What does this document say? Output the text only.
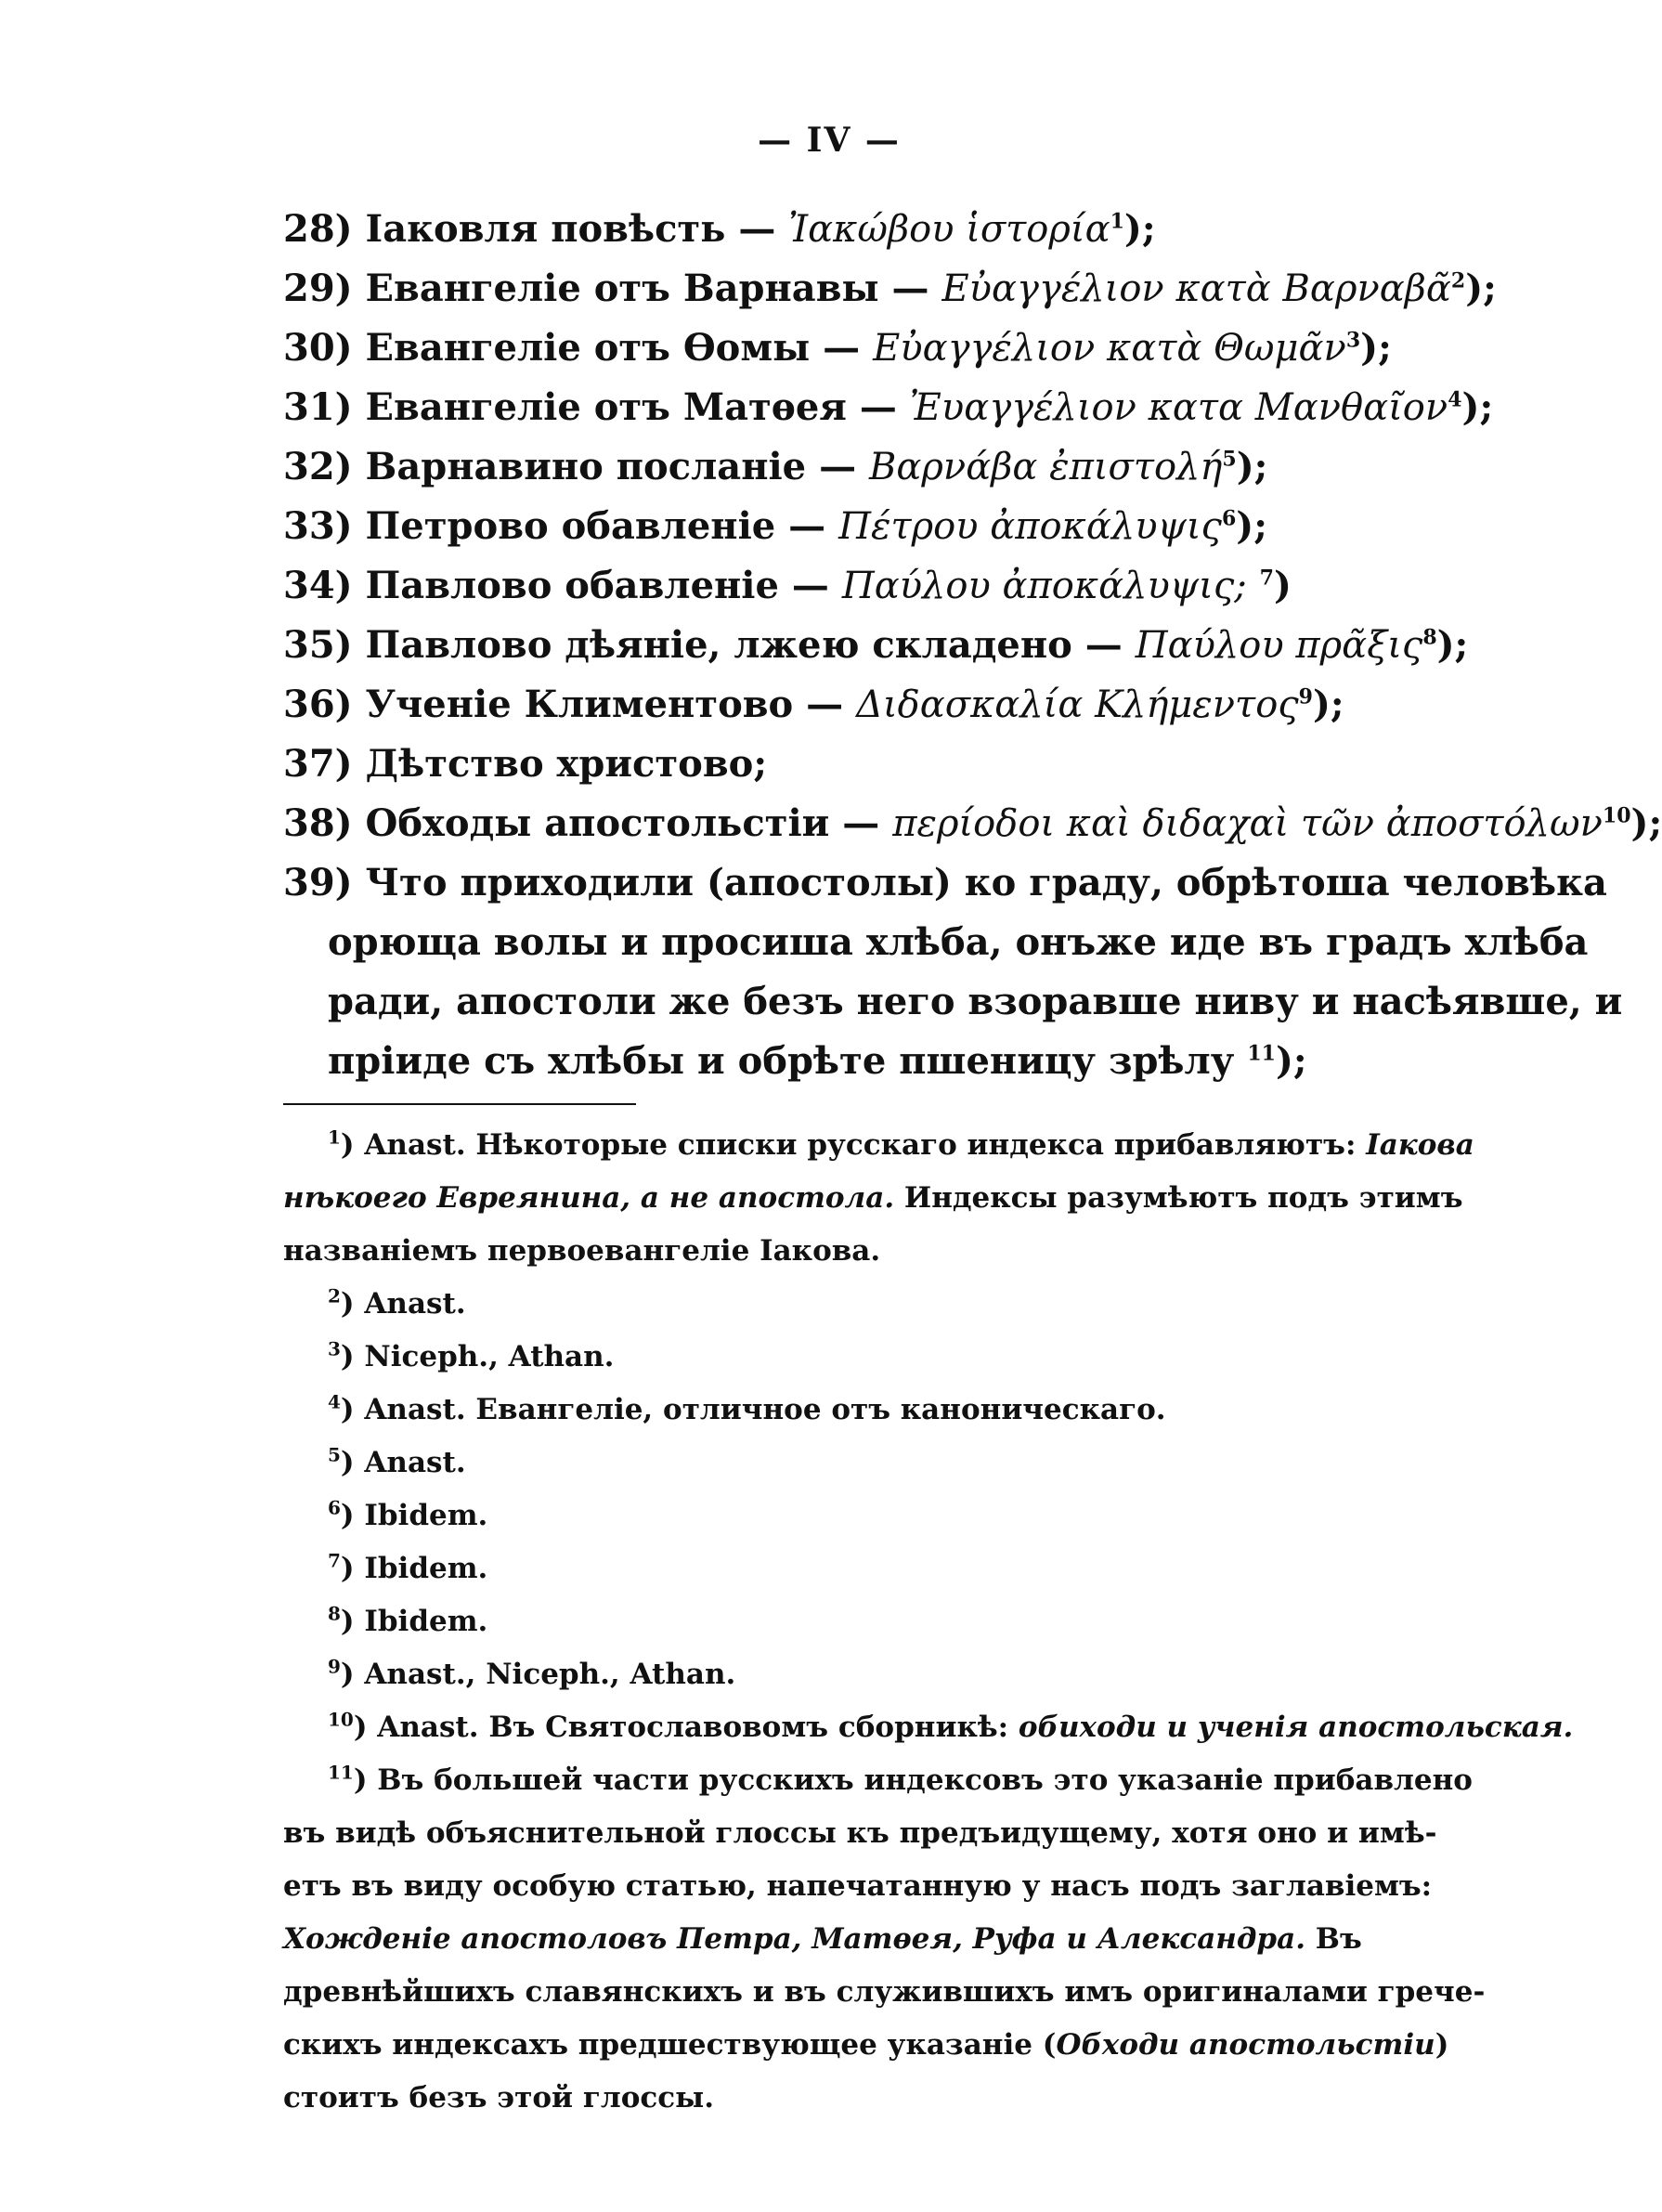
— IV —
28) Іаковля повѣсть — Ἰακώβου ἱστορία$^1$);
29) Евангеліе отъ Варнавы — Εὐαγγέλιον κατὰ Βαρναβᾶ$^2$);
30) Евангеліе отъ Ѳомы — Εὐαγγέλιον κατὰ Θωμᾶν$^3$);
31) Евангеліе отъ Матѳея — Ἐυαγγέλιον κατα Μανθαῖον$^4$);
32) Варнавино посланіе — Βαρνάβα ἐπιστολή$^5$);
33) Петрово обавленіе — Πέτρου ἀποκάλυψις$^6$);
34) Павлово обавленіе — Παύλου ἀποκάλυψις; $^7$)
35) Павлово дѣяніе, лжею складено — Παύλου πρᾶξις$^8$);
36) Ученіе Климентово — Διδασκαλία Κλήμεντος$^9$);
37) Дѣтство христово;
38) Обходы апостольстіи — περίοδοι καὶ διδαχαὶ τῶν ἀποστόλων$^{10}$);
39) Что приходили (апостолы) ко граду, обрѣтоша человѣка
орюща волы и просиша хлѣба, онъже иде въ градъ хлѣба
ради, апостоли же безъ него взоравше ниву и насѣявше, и
пріиде съ хлѣбы и обрѣте пшеницу зрѣлу $^{11}$);
$^1$) Anast. Нѣкоторые списки русскаго индекса прибавляютъ: Іакова
нѣкоего Еврeянина, а не апостола. Индексы разумѣютъ подъ этимъ
названіемъ первоевангеліе Іакова.
$^2$) Anast.
$^3$) Niceph., Athan.
$^4$) Anast. Евангеліе, отличное отъ каноническаго.
$^5$) Anast.
$^6$) Ibidem.
$^7$) Ibidem.
$^8$) Ibidem.
$^9$) Anast., Niceph., Athan.
$^{10}$) Anast. Въ Святославовомъ сборникѣ: обиходи и ученія апостольская.
$^{11}$) Въ большей части русскихъ индексовъ это указаніе прибавлено
въ видѣ объяснительной глоссы къ предъидущему, хотя оно и имѣ-
етъ въ виду особую статью, напечатанную у насъ подъ заглавіемъ:
Хожденіе апостоловъ Петра, Матѳея, Руфа и Александра. Въ
древнѣйшихъ славянскихъ и въ служившихъ имъ оригиналами грече-
скихъ индексахъ предшествующее указаніе (Обходи апостольстіи)
стоитъ безъ этой глоссы.
